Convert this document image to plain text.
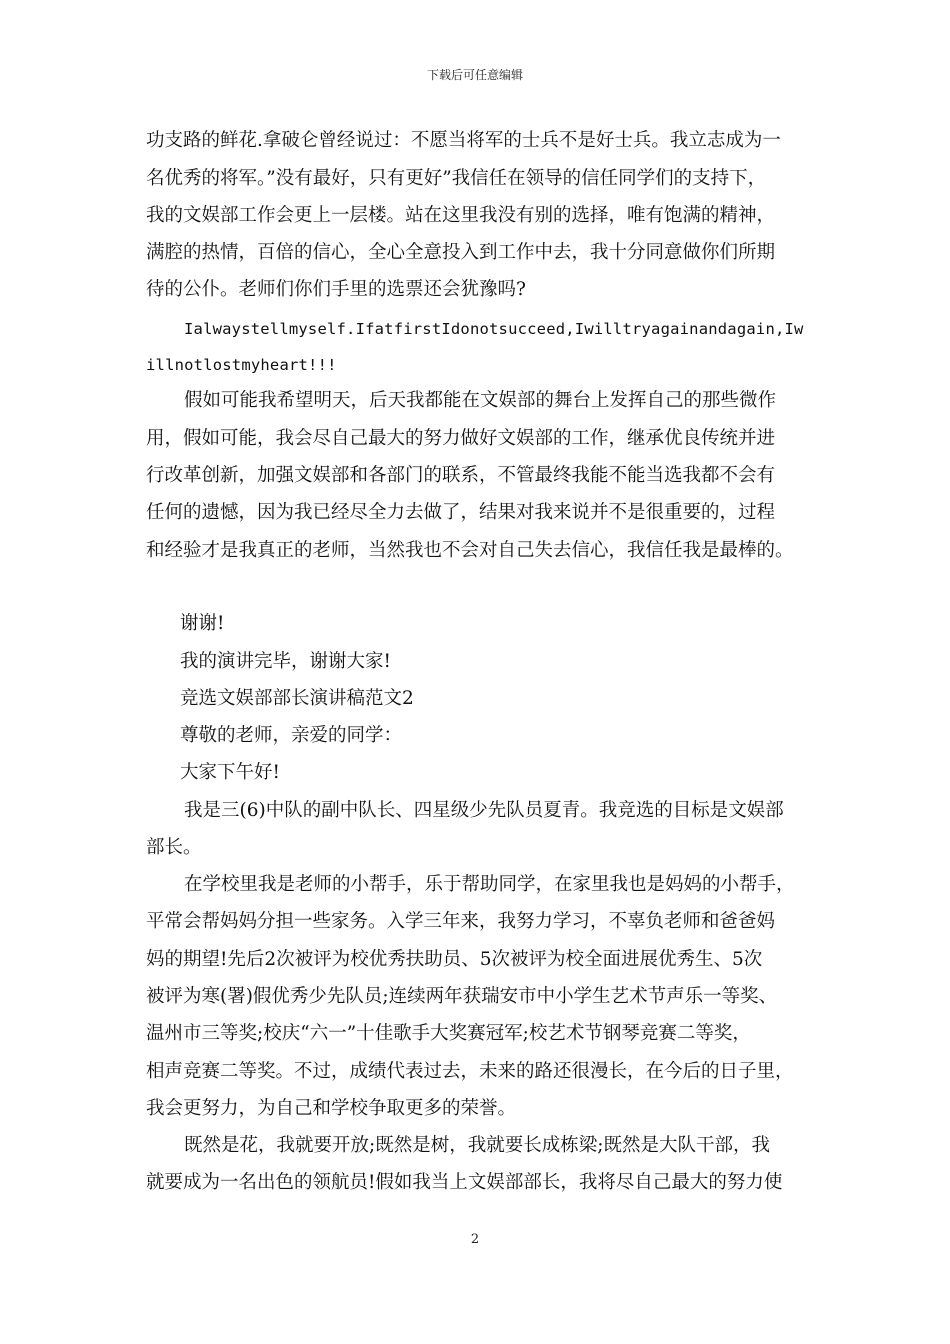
下载后可任意编辑
功支路的鲜花.拿破仑曾经说过：不愿当将军的士兵不是好士兵。我立志成为一
名优秀的将军。”没有最好，只有更好”我信任在领导的信任同学们的支持下，
我的文娱部工作会更上一层楼。站在这里我没有别的选择，唯有饱满的精神，
满腔的热情，百倍的信心，全心全意投入到工作中去，我十分同意做你们所期
待的公仆。老师们你们手里的选票还会犹豫吗?
Ialwaystellmyself.IfatfirstIdonotsucceed,Iwilltryagainandagain,Iw
illnotlostmyheart!!!
假如可能我希望明天，后天我都能在文娱部的舞台上发挥自己的那些微作
用，假如可能，我会尽自己最大的努力做好文娱部的工作，继承优良传统并进
行改革创新，加强文娱部和各部门的联系，不管最终我能不能当选我都不会有
任何的遗憾，因为我已经尽全力去做了，结果对我来说并不是很重要的，过程
和经验才是我真正的老师，当然我也不会对自己失去信心，我信任我是最棒的。
谢谢!
我的演讲完毕，谢谢大家!
竞选文娱部部长演讲稿范文2
尊敬的老师，亲爱的同学：
大家下午好!
我是三(6)中队的副中队长、四星级少先队员夏青。我竞选的目标是文娱部
部长。
在学校里我是老师的小帮手，乐于帮助同学，在家里我也是妈妈的小帮手，
平常会帮妈妈分担一些家务。入学三年来，我努力学习，不辜负老师和爸爸妈
妈的期望!先后2次被评为校优秀扶助员、5次被评为校全面进展优秀生、5次
被评为寒(署)假优秀少先队员;连续两年获瑞安市中小学生艺术节声乐一等奖、
温州市三等奖;校庆“六一”十佳歌手大奖赛冠军;校艺术节钢琴竞赛二等奖，
相声竞赛二等奖。不过，成绩代表过去，未来的路还很漫长，在今后的日子里，
我会更努力，为自己和学校争取更多的荣誉。
既然是花，我就要开放;既然是树，我就要长成栋梁;既然是大队干部，我
就要成为一名出色的领航员!假如我当上文娱部部长，我将尽自己最大的努力使
2
